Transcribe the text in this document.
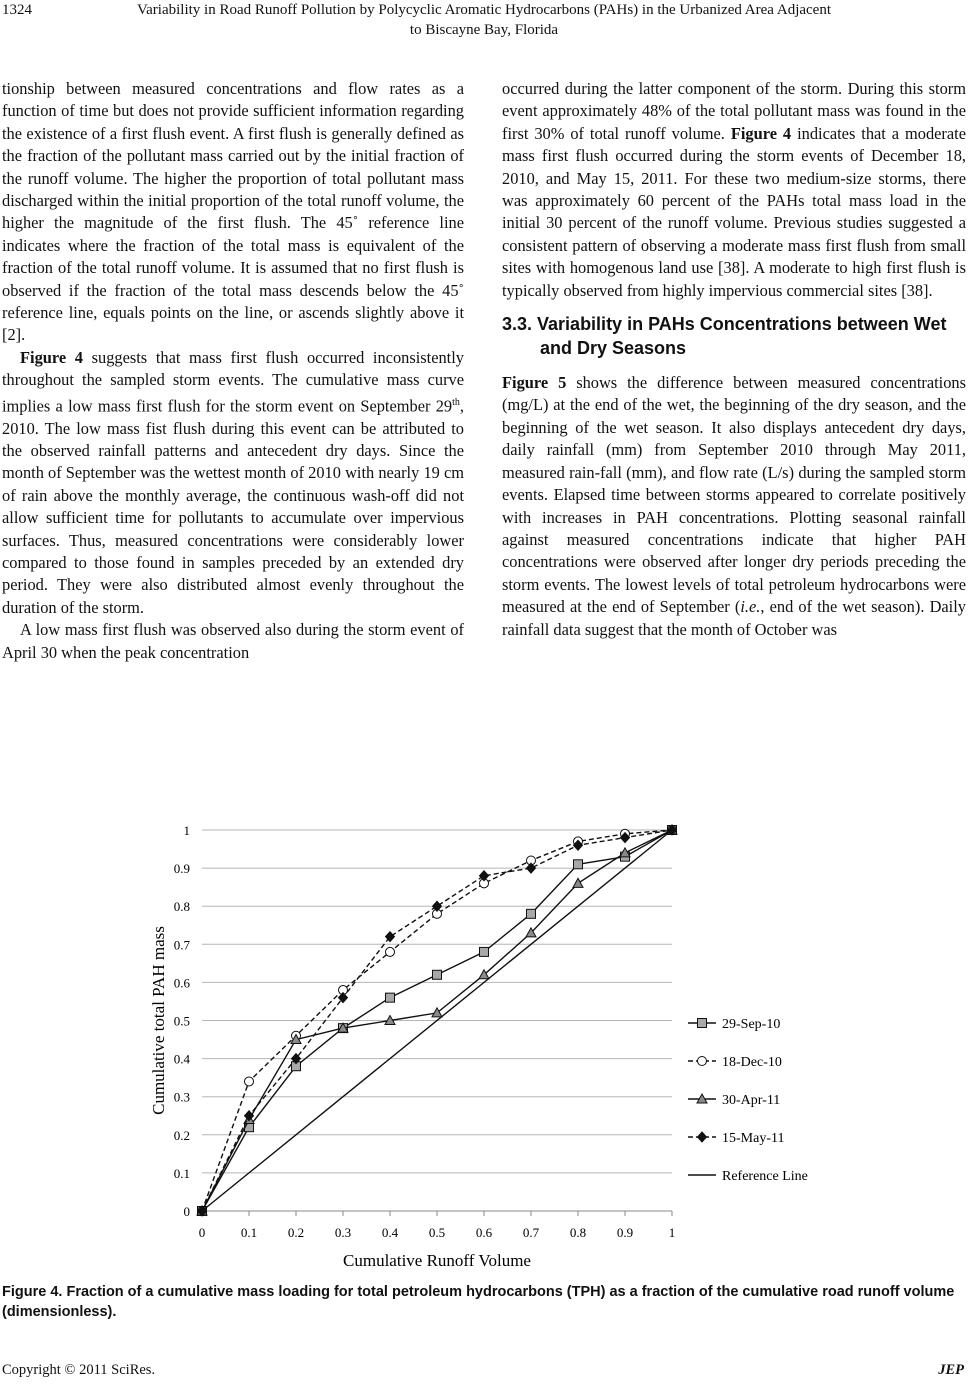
1324	Variability in Road Runoff Pollution by Polycyclic Aromatic Hydrocarbons (PAHs) in the Urbanized Area Adjacent
to Biscayne Bay, Florida

tionship between measured concentrations and flow rates as a function of time but does not provide sufficient information regarding the existence of a first flush event. A first flush is generally defined as the fraction of the pollutant mass carried out by the initial fraction of the runoff volume. The higher the proportion of total pollutant mass discharged within the initial proportion of the total runoff volume, the higher the magnitude of the first flush. The 45˚ reference line indicates where the fraction of the total mass is equivalent of the fraction of the total runoff volume. It is assumed that no first flush is observed if the fraction of the total mass descends below the 45˚ reference line, equals points on the line, or ascends slightly above it [2].

Figure 4 suggests that mass first flush occurred inconsistently throughout the sampled storm events. The cumulative mass curve implies a low mass first flush for the storm event on September 29th, 2010. The low mass fist flush during this event can be attributed to the observed rainfall patterns and antecedent dry days. Since the month of September was the wettest month of 2010 with nearly 19 cm of rain above the monthly average, the continuous wash-off did not allow sufficient time for pollutants to accumulate over impervious surfaces. Thus, measured concentrations were considerably lower compared to those found in samples preceded by an extended dry period. They were also distributed almost evenly throughout the duration of the storm.

A low mass first flush was observed also during the storm event of April 30 when the peak concentration

occurred during the latter component of the storm. During this storm event approximately 48% of the total pollutant mass was found in the first 30% of total runoff volume. Figure 4 indicates that a moderate mass first flush occurred during the storm events of December 18, 2010, and May 15, 2011. For these two medium-size storms, there was approximately 60 percent of the PAHs total mass load in the initial 30 percent of the runoff volume. Previous studies suggested a consistent pattern of observing a moderate mass first flush from small sites with homogenous land use [38]. A moderate to high first flush is typically observed from highly impervious commercial sites [38].

3.3. Variability in PAHs Concentrations between Wet and Dry Seasons

Figure 5 shows the difference between measured concentrations (mg/L) at the end of the wet, the beginning of the dry season, and the beginning of the wet season. It also displays antecedent dry days, daily rainfall (mm) from September 2010 through May 2011, measured rain-fall (mm), and flow rate (L/s) during the sampled storm events. Elapsed time between storms appeared to correlate positively with increases in PAH concentrations. Plotting seasonal rainfall against measured concentrations indicate that higher PAH concentrations were observed after longer dry periods preceding the storm events. The lowest levels of total petroleum hydrocarbons were measured at the end of September (i.e., end of the wet season). Daily rainfall data suggest that the month of October was

0
0.1
0.2
0.3
0.4
0.5
0.6
0.7
0.8
0.9
1
0	0.1 0.2 0.3 0.4 0.5 0.6 0.7 0.8 0.9	1
Cumulative Runoff Volume
Cumulative total PAH mass	29-Sep-10
18-Dec-10
30-Apr-11
15-May-11
Reference Line
Figure 4. Fraction of a cumulative mass loading for total petroleum hydrocarbons (TPH) as a fraction of the cumulative road runoff volume (dimensionless).
Copyright © 2011 SciRes.	JEP
